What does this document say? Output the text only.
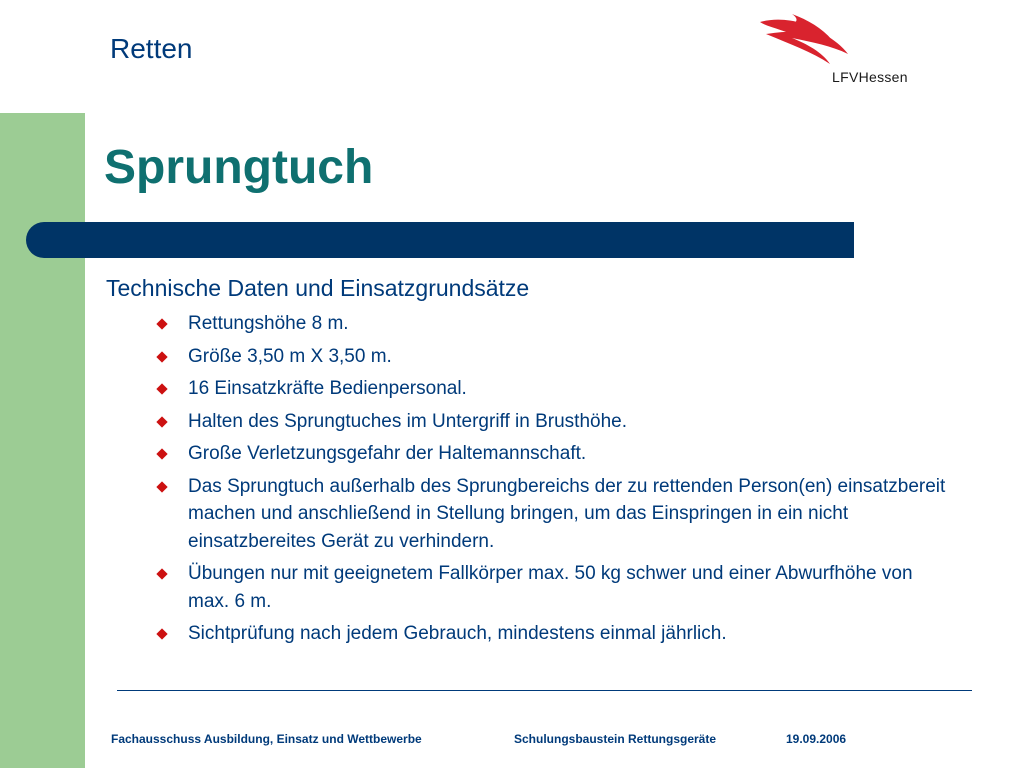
Retten
LFVHessen
Sprungtuch
Technische Daten und Einsatzgrundsätze
Rettungshöhe 8 m.
Größe 3,50 m X 3,50 m.
16 Einsatzkräfte Bedienpersonal.
Halten des Sprungtuches im Untergriff in Brusthöhe.
Große Verletzungsgefahr der Haltemannschaft.
Das Sprungtuch außerhalb des Sprungbereichs der zu rettenden Person(en) einsatzbereit machen und anschließend in Stellung bringen, um das Einspringen in ein nicht einsatzbereites Gerät zu verhindern.
Übungen nur mit geeignetem Fallkörper max. 50 kg schwer und einer Abwurfhöhe von max. 6 m.
Sichtprüfung nach jedem Gebrauch, mindestens einmal jährlich.
Fachausschuss Ausbildung, Einsatz und Wettbewerbe	Schulungsbaustein Rettungsgeräte	19.09.2006
